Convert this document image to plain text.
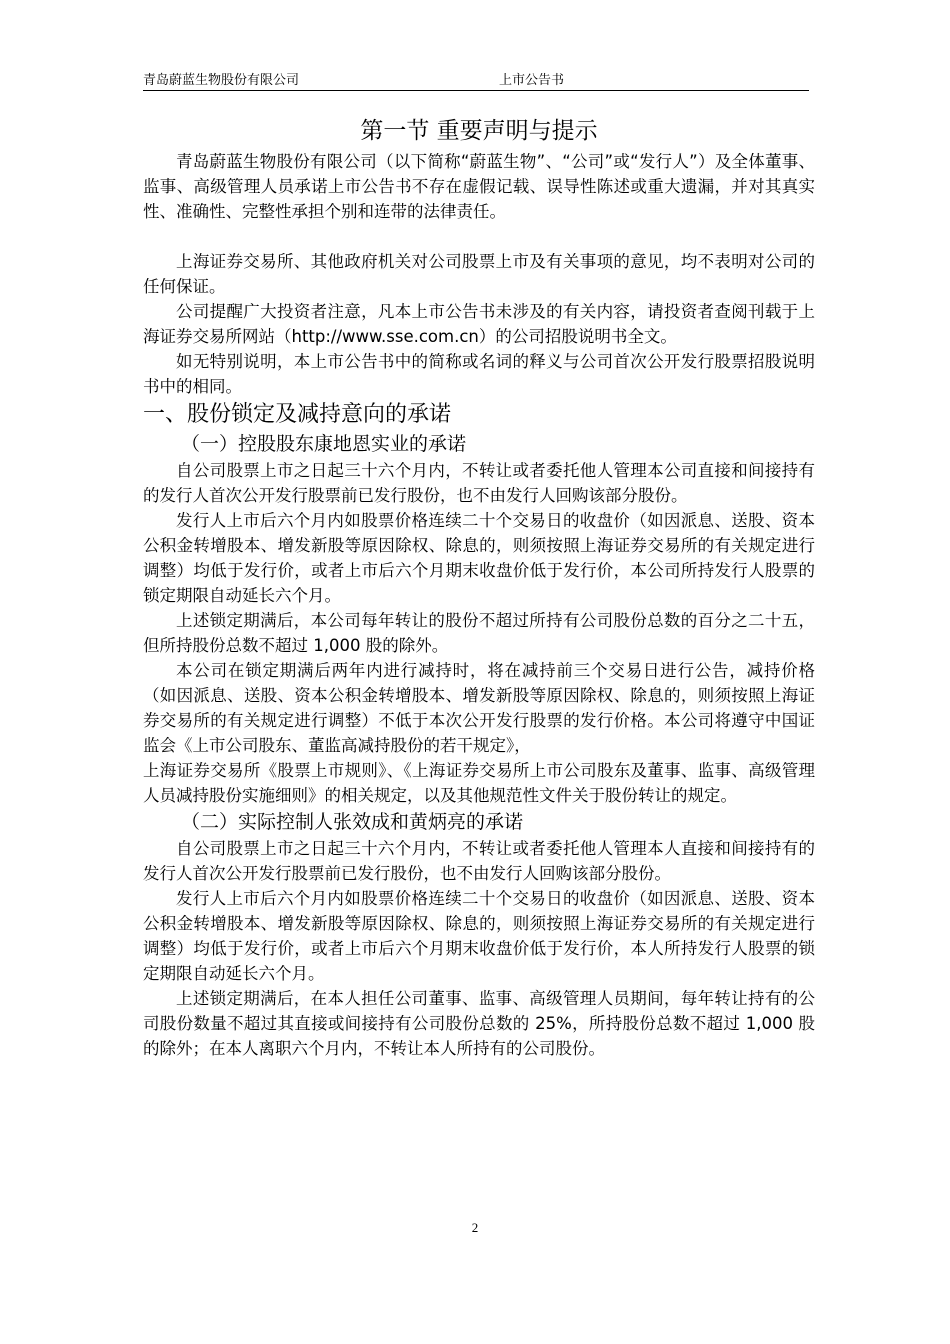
青岛蔚蓝生物股份有限公司	上市公告书
第一节 重要声明与提示

青岛蔚蓝生物股份有限公司（以下简称“蔚蓝生物”、“公司”或“发行人”）及全体董事、监事、高级管理人员承诺上市公告书不存在虚假记载、误导性陈述或重大遗漏，并对其真实性、准确性、完整性承担个别和连带的法律责任。

上海证券交易所、其他政府机关对公司股票上市及有关事项的意见，均不表明对公司的任何保证。

公司提醒广大投资者注意，凡本上市公告书未涉及的有关内容，请投资者查阅刊载于上海证券交易所网站（http://www.sse.com.cn）的公司招股说明书全文。

如无特别说明，本上市公告书中的简称或名词的释义与公司首次公开发行股票招股说明书中的相同。

一、股份锁定及减持意向的承诺
（一）控股股东康地恩实业的承诺

自公司股票上市之日起三十六个月内，不转让或者委托他人管理本公司直接和间接持有的发行人首次公开发行股票前已发行股份，也不由发行人回购该部分股份。

发行人上市后六个月内如股票价格连续二十个交易日的收盘价（如因派息、送股、资本公积金转增股本、增发新股等原因除权、除息的，则须按照上海证券交易所的有关规定进行调整）均低于发行价，或者上市后六个月期末收盘价低于发行价，本公司所持发行人股票的锁定期限自动延长六个月。

上述锁定期满后，本公司每年转让的股份不超过所持有公司股份总数的百分之二十五，但所持股份总数不超过 1,000 股的除外。

本公司在锁定期满后两年内进行减持时，将在减持前三个交易日进行公告，减持价格（如因派息、送股、资本公积金转增股本、增发新股等原因除权、除息的，则须按照上海证券交易所的有关规定进行调整）不低于本次公开发行股票的发行价格。本公司将遵守中国证监会《上市公司股东、董监高减持股份的若干规定》，

上海证券交易所《股票上市规则》、《上海证券交易所上市公司股东及董事、监事、高级管理人员减持股份实施细则》的相关规定，以及其他规范性文件关于股份转让的规定。

（二）实际控制人张效成和黄炳亮的承诺

自公司股票上市之日起三十六个月内，不转让或者委托他人管理本人直接和间接持有的发行人首次公开发行股票前已发行股份，也不由发行人回购该部分股份。

发行人上市后六个月内如股票价格连续二十个交易日的收盘价（如因派息、送股、资本公积金转增股本、增发新股等原因除权、除息的，则须按照上海证券交易所的有关规定进行调整）均低于发行价，或者上市后六个月期末收盘价低于发行价，本人所持发行人股票的锁定期限自动延长六个月。

上述锁定期满后，在本人担任公司董事、监事、高级管理人员期间，每年转让持有的公司股份数量不超过其直接或间接持有公司股份总数的 25%，所持股份总数不超过 1,000 股的除外；在本人离职六个月内，不转让本人所持有的公司股份。

2
